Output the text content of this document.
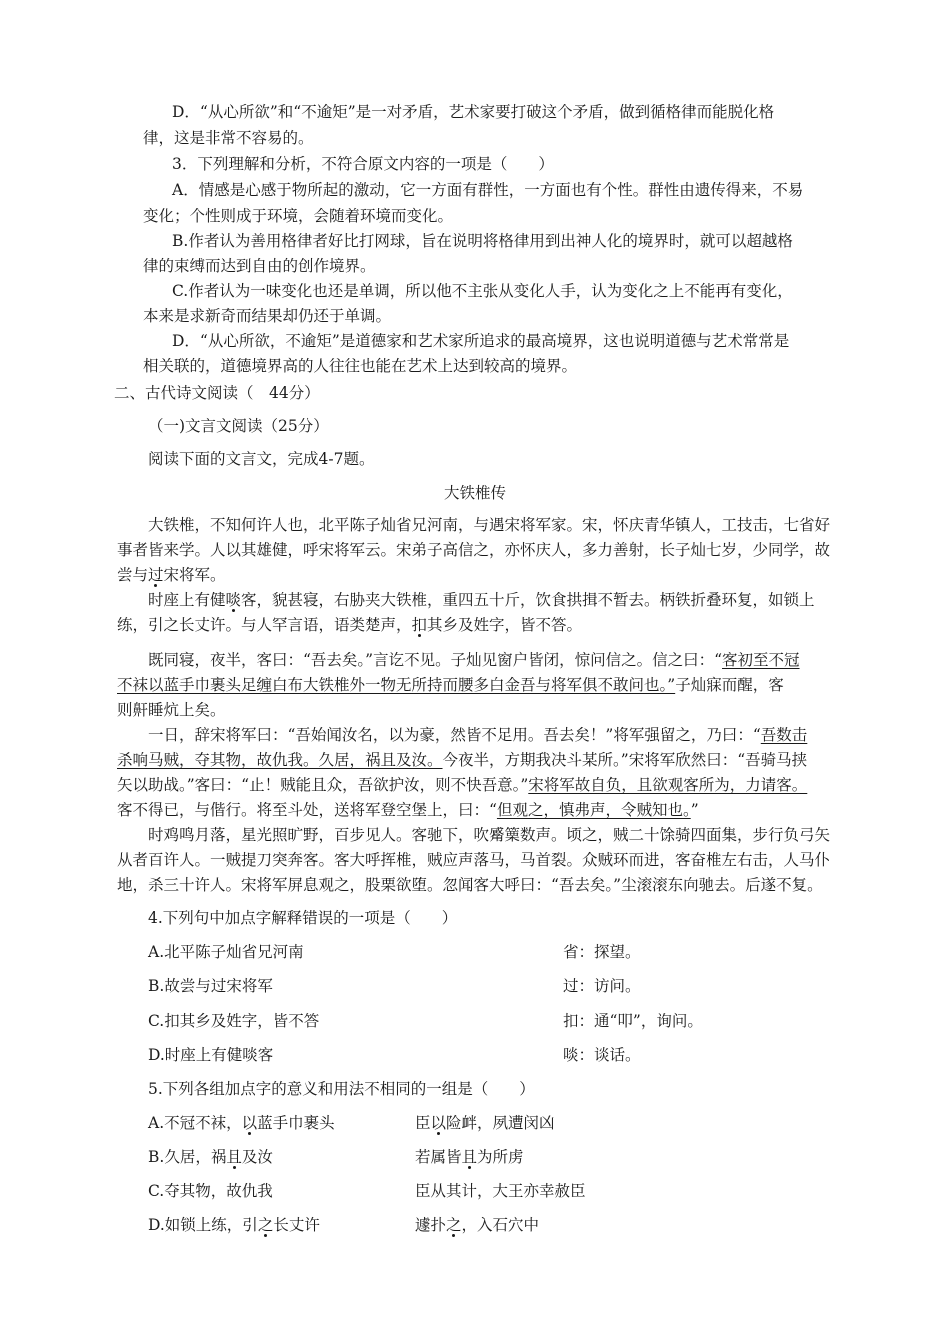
D．“从心所欲”和“不逾矩”是一对矛盾，艺术家要打破这个矛盾，做到循格律而能脱化格
律，这是非常不容易的。
3．下列理解和分析，不符合原文内容的一项是（　　）
A．情感是心感于物所起的激动，它一方面有群性，一方面也有个性。群性由遗传得来，不易
变化；个性则成于环境，会随着环境而变化。
B.作者认为善用格律者好比打网球，旨在说明将格律用到出神人化的境界时，就可以超越格
律的束缚而达到自由的创作境界。
C.作者认为一味变化也还是单调，所以他不主张从变化人手，认为变化之上不能再有变化，
本来是求新奇而结果却仍还于单调。
D．“从心所欲，不逾矩”是道德家和艺术家所追求的最高境界，这也说明道德与艺术常常是
相关联的，道德境界高的人往往也能在艺术上达到较高的境界。
二、古代诗文阅读（　44分）
（一)文言文阅读（25分）
阅读下面的文言文，完成4-7题。
大铁椎传
大铁椎，不知何许人也，北平陈子灿省兄河南，与遇宋将军家。宋，怀庆青华镇人，工技击，七省好
事者皆来学。人以其雄健，呼宋将军云。宋弟子高信之，亦怀庆人，多力善射，长子灿七岁，少同学，故
尝与过宋将军。
时座上有健啖客，貌甚寝，右胁夹大铁椎，重四五十斤，饮食拱揖不暂去。柄铁折叠环复，如锁上
练，引之长丈许。与人罕言语，语类楚声，扣其乡及姓字，皆不答。
既同寝，夜半，客曰：“吾去矣。”言讫不见。子灿见窗户皆闭，惊问信之。信之曰：“客初至不冠
不袜以蓝手巾裹头足缠白布大铁椎外一物无所持而腰多白金吾与将军俱不敢问也。”子灿寐而醒，客
则鼾睡炕上矣。
一日，辞宋将军曰：“吾始闻汝名，以为豪，然皆不足用。吾去矣！”将军强留之，乃曰：“吾数击
杀响马贼，夺其物，故仇我。久居，祸且及汝。今夜半，方期我决斗某所。”宋将军欣然曰：“吾骑马挟
矢以助战。”客曰：“止！贼能且众，吾欲护汝，则不快吾意。”宋将军故自负，且欲观客所为，力请客。
客不得已，与偕行。将至斗处，送将军登空堡上，曰：“但观之，慎弗声，令贼知也。”
时鸡鸣月落，星光照旷野，百步见人。客驰下，吹觱篥数声。顷之，贼二十馀骑四面集，步行负弓矢
从者百许人。一贼提刀突奔客。客大呼挥椎，贼应声落马，马首裂。众贼环而进，客奋椎左右击，人马仆
地，杀三十许人。宋将军屏息观之，股栗欲堕。忽闻客大呼曰：“吾去矣。”尘滚滚东向驰去。后遂不复。
4.下列句中加点字解释错误的一项是（　　）
A.北平陈子灿省兄河南	省：探望。
B.故尝与过宋将军	过：访问。
C.扣其乡及姓字，皆不答	扣：通“叩”，询问。
D.时座上有健啖客	啖：谈话。
5.下列各组加点字的意义和用法不相同的一组是（　　）
A.不冠不袜，以蓝手巾裹头	臣以险衅，夙遭闵凶
B.久居，祸且及汝	若属皆且为所虏
C.夺其物，故仇我	臣从其计，大王亦幸赦臣
D.如锁上练，引之长丈许	遽扑之，入石穴中
